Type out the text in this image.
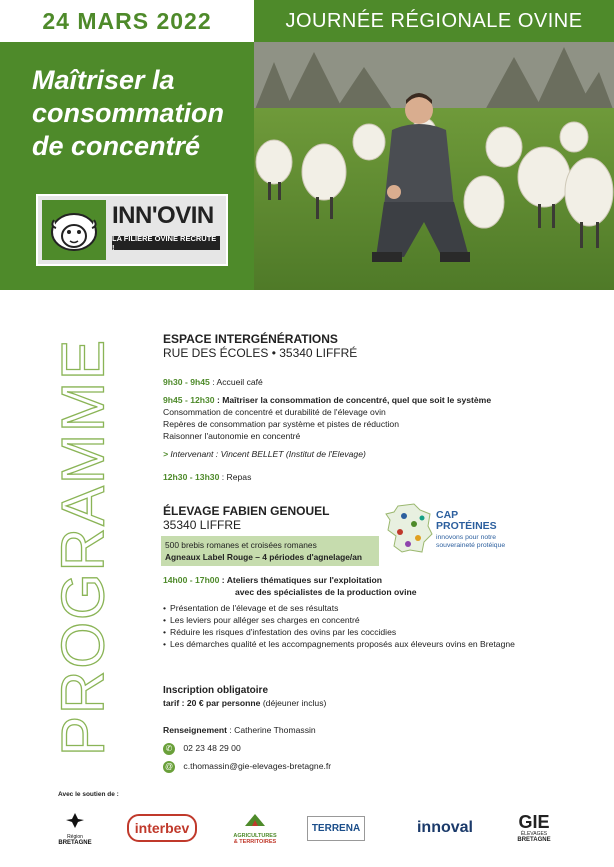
24 MARS 2022	JOURNÉE RÉGIONALE OVINE
Maîtriser la
consommation
de concentré
INN'OVIN
LA FILIÈRE OVINE RECRUTE !
PROGRAMME	ESPACE INTERGÉNÉRATIONS
RUE DES ÉCOLES • 35340 LIFFRÉ
9h30 - 9h45 : Accueil café
9h45 - 12h30 : Maîtriser la consommation de concentré, quel que soit le système
Consommation de concentré et durabilité de l'élevage ovin
Repères de consommation par système et pistes de réduction
Raisonner l'autonomie en concentré
> Intervenant : Vincent BELLET (Institut de l'Elevage)
12h30 - 13h30 : Repas
ÉLEVAGE FABIEN GENOUEL
35340 LIFFRE
500 brebis romanes et croisées romanes
Agneaux Label Rouge – 4 périodes d'agnelage/an
14h00 - 17h00 : Ateliers thématiques sur l'exploitation
avec des spécialistes de la production ovine
• Présentation de l'élevage et de ses résultats
• Les leviers pour alléger ses charges en concentré
• Réduire les risques d'infestation des ovins par les coccidies
• Les démarches qualité et les accompagnements proposés aux éleveurs ovins en Bretagne
Inscription obligatoire
tarif : 20 € par personne (déjeuner inclus)
Renseignement : Catherine Thomassin
✆ 02 23 48 29 00
@ c.thomassin@gie-elevages-bretagne.fr
CAP
PROTÉINES
innovons pour notre
souveraineté protéique
Avec le soutien de :
Région
BRETAGNE
interbev	AGRICULTURES
& TERRITOIRES
TERRENA	innoval	GIE
ÉLEVAGES
BRETAGNE
